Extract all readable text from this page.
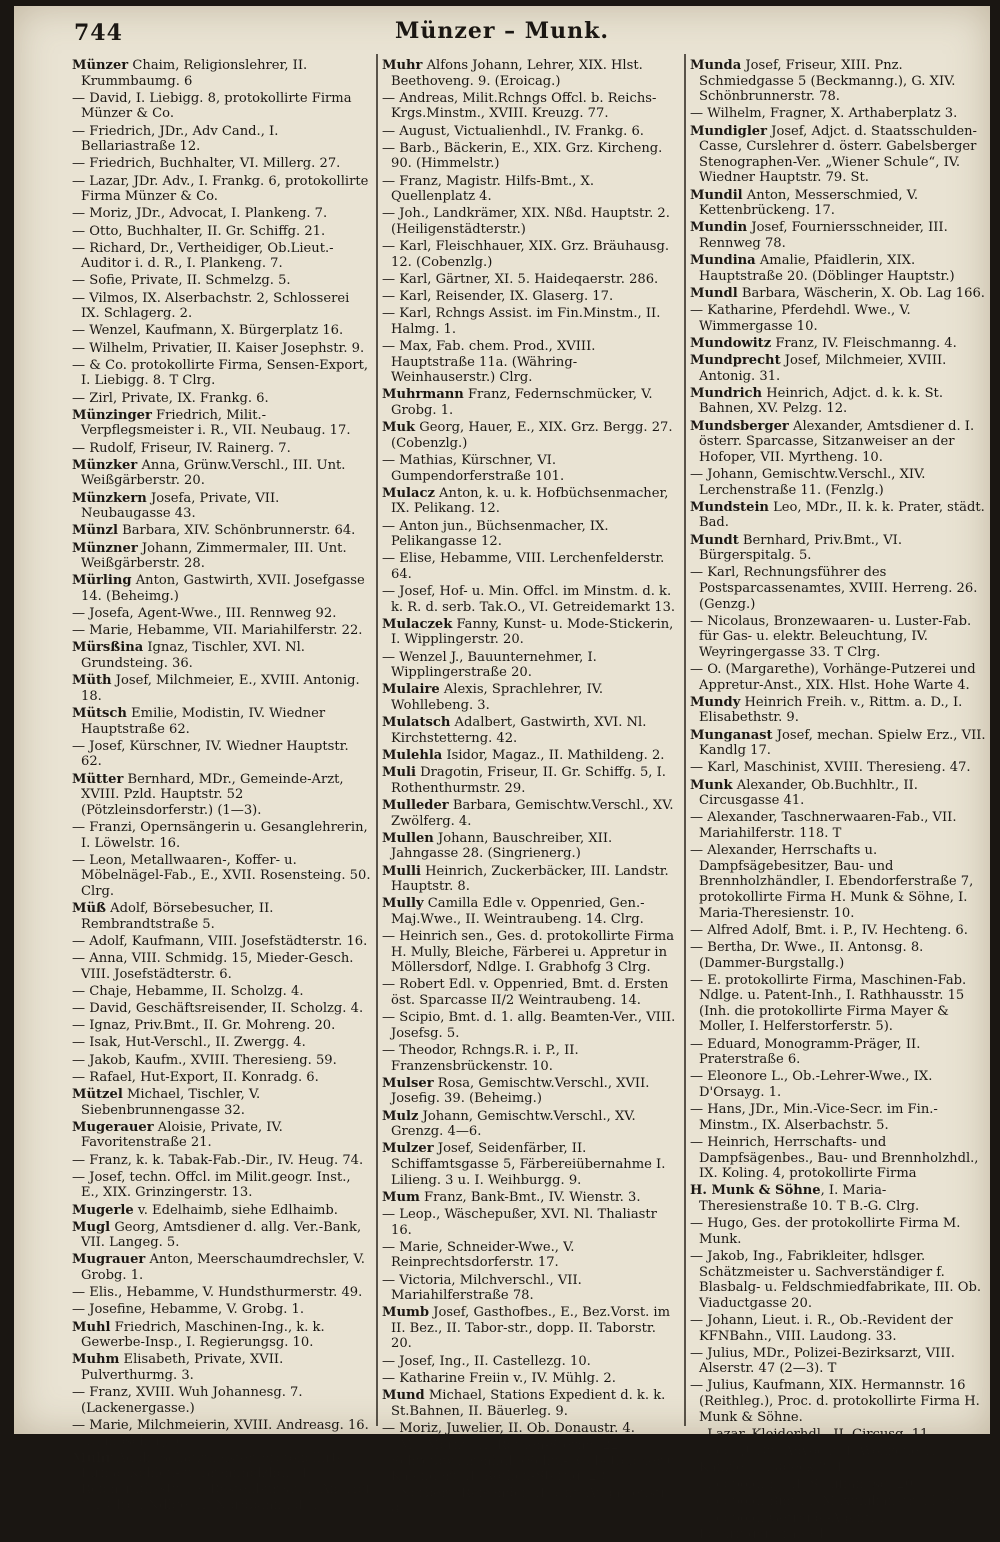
744	Münzer – Munk.
Münzer Chaim, Religionslehrer, II. Krummbaumg. 6
— David, I. Liebigg. 8, protokollirte Firma Münzer & Co.
— Friedrich, JDr., Adv Cand., I. Bellariastraße 12.
— Friedrich, Buchhalter, VI. Millerg. 27.
— Lazar, JDr. Adv., I. Frankg. 6, protokollirte Firma Münzer & Co.
— Moriz, JDr., Advocat, I. Plankeng. 7.
— Otto, Buchhalter, II. Gr. Schiffg. 21.
— Richard, Dr., Vertheidiger, Ob.Lieut.-Auditor i. d. R., I. Plankeng. 7.
— Sofie, Private, II. Schmelzg. 5.
— Vilmos, IX. Alserbachstr. 2, Schlosserei IX. Schlagerg. 2.
— Wenzel, Kaufmann, X. Bürgerplatz 16.
— Wilhelm, Privatier, II. Kaiser Josephstr. 9.
— & Co. protokollirte Firma, Sensen-Export, I. Liebigg. 8. T Clrg.
— Zirl, Private, IX. Frankg. 6.
Münzinger Friedrich, Milit.-Verpflegsmeister i. R., VII. Neubaug. 17.
— Rudolf, Friseur, IV. Rainerg. 7.
Münzker Anna, Grünw.Verschl., III. Unt. Weißgärberstr. 20.
Münzkern Josefa, Private, VII. Neubaugasse 43.
Münzl Barbara, XIV. Schönbrunnerstr. 64.
Münzner Johann, Zimmermaler, III. Unt. Weißgärberstr. 28.
Mürling Anton, Gastwirth, XVII. Josefgasse 14. (Beheimg.)
— Josefa, Agent-Wwe., III. Rennweg 92.
— Marie, Hebamme, VII. Mariahilferstr. 22.
Mürsßina Ignaz, Tischler, XVI. Nl. Grundsteing. 36.
Müth Josef, Milchmeier, E., XVIII. Antonig. 18.
Mütsch Emilie, Modistin, IV. Wiedner Hauptstraße 62.
— Josef, Kürschner, IV. Wiedner Hauptstr. 62.
Mütter Bernhard, MDr., Gemeinde-Arzt, XVIII. Pzld. Hauptstr. 52 (Pötzleinsdorferstr.) (1—3).
— Franzi, Opernsängerin u. Gesanglehrerin, I. Löwelstr. 16.
— Leon, Metallwaaren-, Koffer- u. Möbelnägel-Fab., E., XVII. Rosensteing. 50. Clrg.
Müß Adolf, Börsebesucher, II. Rembrandtstraße 5.
— Adolf, Kaufmann, VIII. Josefstädterstr. 16.
— Anna, VIII. Schmidg. 15, Mieder-Gesch. VIII. Josefstädterstr. 6.
— Chaje, Hebamme, II. Scholzg. 4.
— David, Geschäftsreisender, II. Scholzg. 4.
— Ignaz, Priv.Bmt., II. Gr. Mohreng. 20.
— Isak, Hut-Verschl., II. Zwergg. 4.
— Jakob, Kaufm., XVIII. Theresieng. 59.
— Rafael, Hut-Export, II. Konradg. 6.
Mützel Michael, Tischler, V. Siebenbrunnengasse 32.
Mugerauer Aloisie, Private, IV. Favoritenstraße 21.
— Franz, k. k. Tabak-Fab.-Dir., IV. Heug. 74.
— Josef, techn. Offcl. im Milit.geogr. Inst., E., XIX. Grinzingerstr. 13.
Mugerle v. Edelhaimb, siehe Edlhaimb.
Mugl Georg, Amtsdiener d. allg. Ver.-Bank, VII. Langeg. 5.
Mugrauer Anton, Meerschaumdrechsler, V. Grobg. 1.
— Elis., Hebamme, V. Hundsthurmerstr. 49.
— Josefine, Hebamme, V. Grobg. 1.
Muhl Friedrich, Maschinen-Ing., k. k. Gewerbe-Insp., I. Regierungsg. 10.
Muhm Elisabeth, Private, XVII. Pulverthurmg. 3.
— Franz, XVIII. Wuh Johannesg. 7. (Lackenergasse.)
— Marie, Milchmeierin, XVIII. Andreasg. 16. (Dempscherg.)
Muhr Adolf, Schätzmeister, protokollirte Firma, Kohlen- u. Brennholzhdl., I. Reichsrathsstr. 15, Bestellbureau I. Am Hof 7 T Clrg., Ndlge. II. Nordbahnhof. T
Muhr Alfons Johann, Lehrer, XIX. Hlst. Beethoveng. 9. (Eroicag.)
— Andreas, Milit.Rchngs Offcl. b. Reichs-Krgs.Minstm., XVIII. Kreuzg. 77.
— August, Victualienhdl., IV. Frankg. 6.
— Barb., Bäckerin, E., XIX. Grz. Kircheng. 90. (Himmelstr.)
— Franz, Magistr. Hilfs-Bmt., X. Quellenplatz 4.
— Joh., Landkrämer, XIX. Nßd. Hauptstr. 2. (Heiligenstädterstr.)
— Karl, Fleischhauer, XIX. Grz. Bräuhausg. 12. (Cobenzlg.)
— Karl, Gärtner, XI. 5. Haideqaerstr. 286.
— Karl, Reisender, IX. Glaserg. 17.
— Karl, Rchngs Assist. im Fin.Minstm., II. Halmg. 1.
— Max, Fab. chem. Prod., XVIII. Hauptstraße 11a. (Währing-Weinhauserstr.) Clrg.
Muhrmann Franz, Federnschmücker, V. Grobg. 1.
Muk Georg, Hauer, E., XIX. Grz. Bergg. 27. (Cobenzlg.)
— Mathias, Kürschner, VI. Gumpendorferstraße 101.
Mulacz Anton, k. u. k. Hofbüchsenmacher, IX. Pelikang. 12.
— Anton jun., Büchsenmacher, IX. Pelikangasse 12.
— Elise, Hebamme, VIII. Lerchenfelderstr. 64.
— Josef, Hof- u. Min. Offcl. im Minstm. d. k. k. R. d. serb. Tak.O., VI. Getreidemarkt 13.
Mulaczek Fanny, Kunst- u. Mode-Stickerin, I. Wipplingerstr. 20.
— Wenzel J., Bauunternehmer, I. Wipplingerstraße 20.
Mulaire Alexis, Sprachlehrer, IV. Wohllebeng. 3.
Mulatsch Adalbert, Gastwirth, XVI. Nl. Kirchstetterng. 42.
Mulehla Isidor, Magaz., II. Mathildeng. 2.
Muli Dragotin, Friseur, II. Gr. Schiffg. 5, I. Rothenthurmstr. 29.
Mulleder Barbara, Gemischtw.Verschl., XV. Zwölferg. 4.
Mullen Johann, Bauschreiber, XII. Jahngasse 28. (Singrienerg.)
Mulli Heinrich, Zuckerbäcker, III. Landstr. Hauptstr. 8.
Mully Camilla Edle v. Oppenried, Gen.-Maj.Wwe., II. Weintraubeng. 14. Clrg.
— Heinrich sen., Ges. d. protokollirte Firma H. Mully, Bleiche, Färberei u. Appretur in Möllersdorf, Ndlge. I. Grabhofg 3 Clrg.
— Robert Edl. v. Oppenried, Bmt. d. Ersten öst. Sparcasse II/2 Weintraubeng. 14.
— Scipio, Bmt. d. 1. allg. Beamten-Ver., VIII. Josefsg. 5.
— Theodor, Rchngs.R. i. P., II. Franzensbrückenstr. 10.
Mulser Rosa, Gemischtw.Verschl., XVII. Josefig. 39. (Beheimg.)
Mulz Johann, Gemischtw.Verschl., XV. Grenzg. 4—6.
Mulzer Josef, Seidenfärber, II. Schiffamtsgasse 5, Färbereiübernahme I. Lilieng. 3 u. I. Weihburgg. 9.
Mum Franz, Bank-Bmt., IV. Wienstr. 3.
— Leop., Wäschepußer, XVI. Nl. Thaliastr 16.
— Marie, Schneider-Wwe., V. Reinprechtsdorferstr. 17.
— Victoria, Milchverschl., VII. Mariahilferstraße 78.
Mumb Josef, Gasthofbes., E., Bez.Vorst. im II. Bez., II. Tabor-str., dopp. II. Taborstr. 20.
— Josef, Ing., II. Castellezg. 10.
— Katharine Freiin v., IV. Mühlg. 2.
Mund Michael, Stations Expedient d. k. k. St.Bahnen, II. Bäuerleg. 9.
— Moriz, Juwelier, II. Ob. Donaustr. 4.
— M. (Moriz), II. Rothen-Sterng. 22, Schreibwaarenhdl. (Schul-, Gebetbücher u. Kalender), II. Rothen-Sterng. 23.
— Norbert, Reisender, II. Unt. Augartenstr. 8.
Munda Josef, Friseur, XIII. Pnz. Schmiedgasse 5 (Beckmanng.), G. XIV. Schönbrunnerstr. 78.
— Wilhelm, Fragner, X. Arthaberplatz 3.
Mundigler Josef, Adjct. d. Staatsschulden-Casse, Curslehrer d. österr. Gabelsberger Stenographen-Ver. „Wiener Schule“, IV. Wiedner Hauptstr. 79. St.
Mundil Anton, Messerschmied, V. Kettenbrückeng. 17.
Mundin Josef, Fourniersschneider, III. Rennweg 78.
Mundina Amalie, Pfaidlerin, XIX. Hauptstraße 20. (Döblinger Hauptstr.)
Mundl Barbara, Wäscherin, X. Ob. Lag 166.
— Katharine, Pferdehdl. Wwe., V. Wimmergasse 10.
Mundowitz Franz, IV. Fleischmanng. 4.
Mundprecht Josef, Milchmeier, XVIII. Antonig. 31.
Mundrich Heinrich, Adjct. d. k. k. St. Bahnen, XV. Pelzg. 12.
Mundsberger Alexander, Amtsdiener d. I. österr. Sparcasse, Sitzanweiser an der Hofoper, VII. Myrtheng. 10.
— Johann, Gemischtw.Verschl., XIV. Lerchenstraße 11. (Fenzlg.)
Mundstein Leo, MDr., II. k. k. Prater, städt. Bad.
Mundt Bernhard, Priv.Bmt., VI. Bürgerspitalg. 5.
— Karl, Rechnungsführer des Postsparcassenamtes, XVIII. Herreng. 26. (Genzg.)
— Nicolaus, Bronzewaaren- u. Luster-Fab. für Gas- u. elektr. Beleuchtung, IV. Weyringergasse 33. T Clrg.
— O. (Margarethe), Vorhänge-Putzerei und Appretur-Anst., XIX. Hlst. Hohe Warte 4.
Mundy Heinrich Freih. v., Rittm. a. D., I. Elisabethstr. 9.
Munganast Josef, mechan. Spielw Erz., VII. Kandlg 17.
— Karl, Maschinist, XVIII. Theresieng. 47.
Munk Alexander, Ob.Buchhltr., II. Circusgasse 41.
— Alexander, Taschnerwaaren-Fab., VII. Mariahilferstr. 118. T
— Alexander, Herrschafts u. Dampfsägebesitzer, Bau- und Brennholzhändler, I. Ebendorferstraße 7, protokollirte Firma H. Munk & Söhne, I. Maria-Theresienstr. 10.
— Alfred Adolf, Bmt. i. P., IV. Hechteng. 6.
— Bertha, Dr. Wwe., II. Antonsg. 8. (Dammer-Burgstallg.)
— E. protokollirte Firma, Maschinen-Fab. Ndlge. u. Patent-Inh., I. Rathhausstr. 15 (Inh. die protokollirte Firma Mayer & Moller, I. Helferstorferstr. 5).
— Eduard, Monogramm-Präger, II. Praterstraße 6.
— Eleonore L., Ob.-Lehrer-Wwe., IX. D'Orsayg. 1.
— Hans, JDr., Min.-Vice-Secr. im Fin.-Minstm., IX. Alserbachstr. 5.
— Heinrich, Herrschafts- und Dampfsägenbes., Bau- und Brennholzhdl., IX. Koling. 4, protokollirte Firma
H. Munk & Söhne, I. Maria-Theresienstraße 10. T B.-G. Clrg.
— Hugo, Ges. der protokollirte Firma M. Munk.
— Jakob, Ing., Fabrikleiter, hdlsger. Schätzmeister u. Sachverständiger f. Blasbalg- u. Feldschmiedfabrikate, III. Ob. Viaductgasse 20.
— Johann, Lieut. i. R., Ob.-Revident der KFNBahn., VIII. Laudong. 33.
— Julius, MDr., Polizei-Bezirksarzt, VIII. Alserstr. 47 (2—3). T
— Julius, Kaufmann, XIX. Hermannstr. 16 (Reithleg.), Proc. d. protokollirte Firma H. Munk & Söhne.
— Lazar, Kleiderhdl., II. Circusg. 11.
— Leo, JUDr., Advocat, I. Wollzeile 1, Kanzlei I. Lugeck 3. T
— Leopold, E., II. Schiffamtsg. 20.
— Leopold, Bmt., I. Maximilianstr. 11. St.
— Leopold, Getreide-Agent, I. Lothringerstraße 15.
